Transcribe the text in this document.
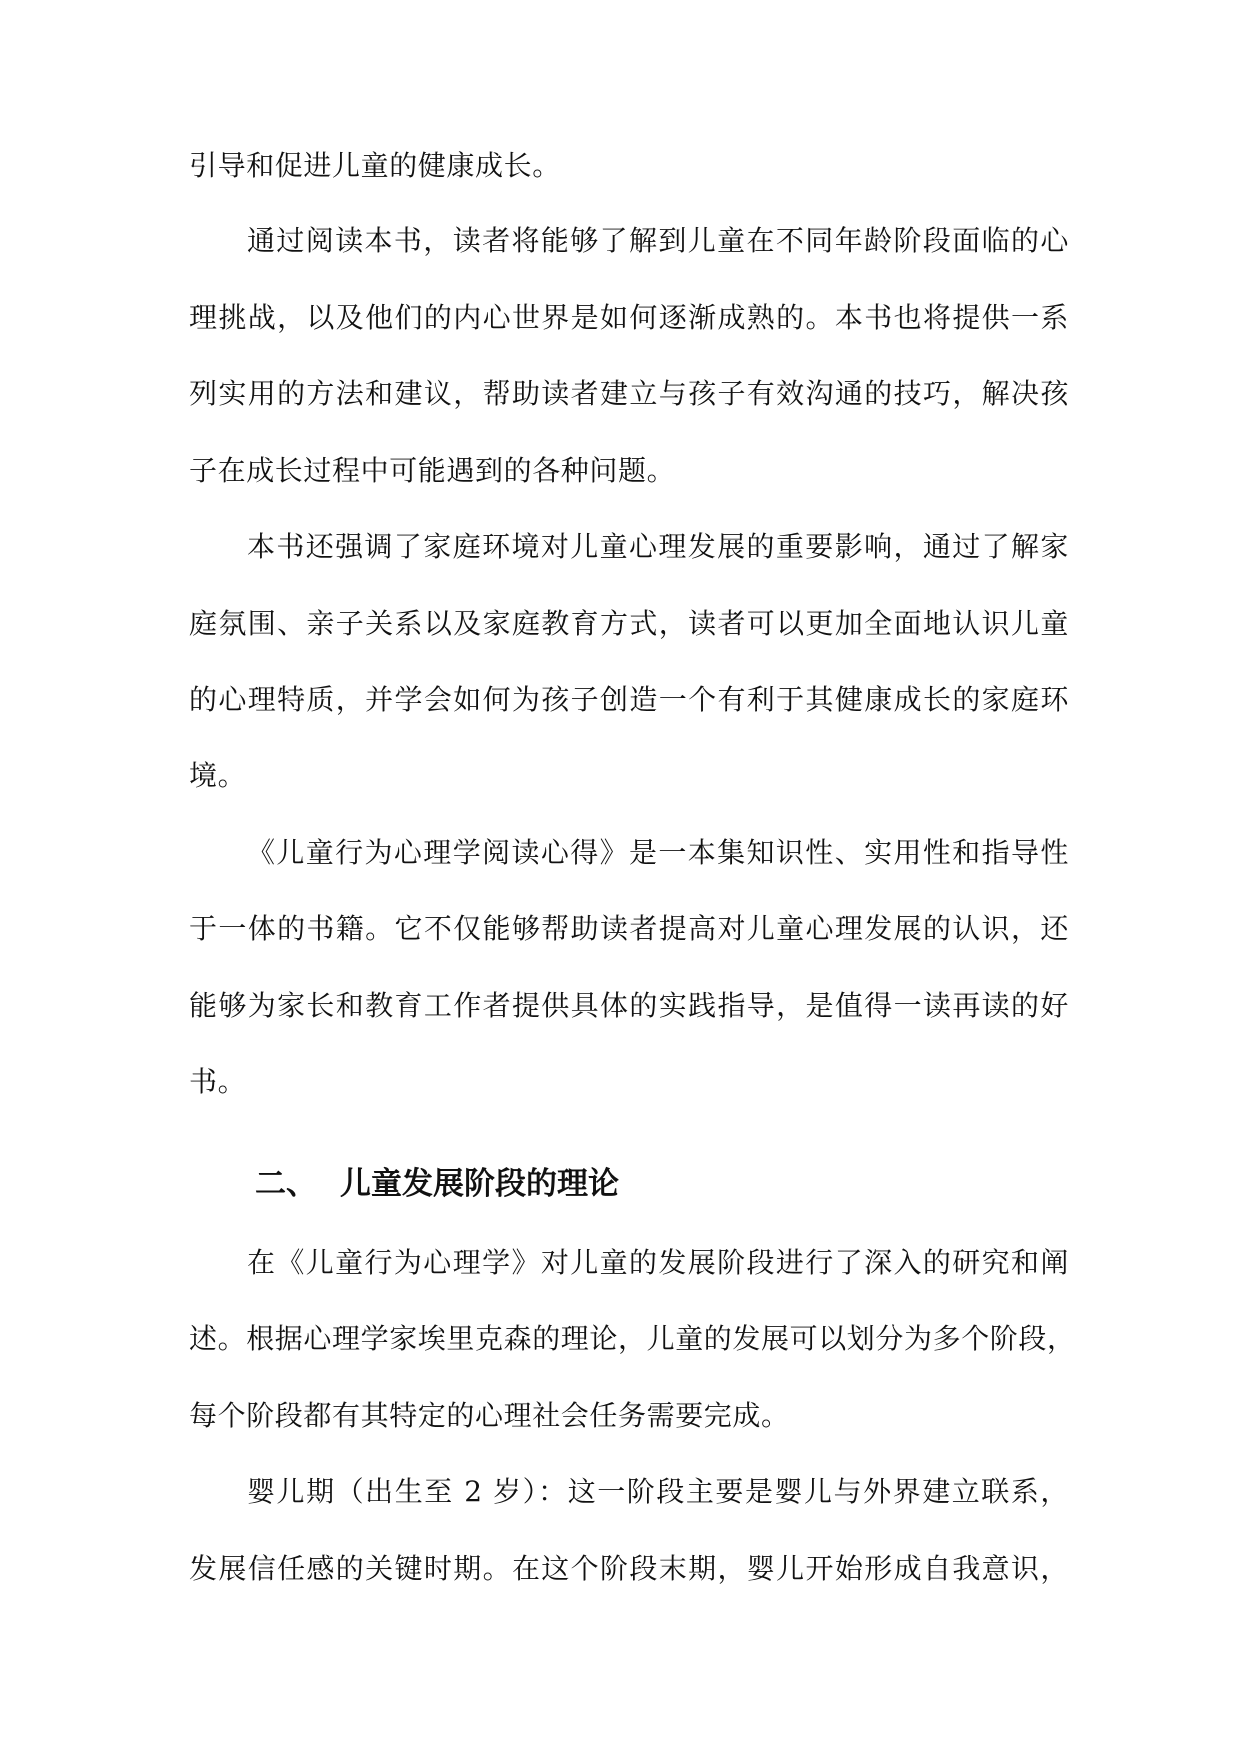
引导和促进儿童的健康成长。
通过阅读本书，读者将能够了解到儿童在不同年龄阶段面临的心
理挑战，以及他们的内心世界是如何逐渐成熟的。本书也将提供一系
列实用的方法和建议，帮助读者建立与孩子有效沟通的技巧，解决孩
子在成长过程中可能遇到的各种问题。
本书还强调了家庭环境对儿童心理发展的重要影响，通过了解家
庭氛围、亲子关系以及家庭教育方式，读者可以更加全面地认识儿童
的心理特质，并学会如何为孩子创造一个有利于其健康成长的家庭环
境。
《儿童行为心理学阅读心得》是一本集知识性、实用性和指导性
于一体的书籍。它不仅能够帮助读者提高对儿童心理发展的认识，还
能够为家长和教育工作者提供具体的实践指导，是值得一读再读的好
书。
二、 儿童发展阶段的理论
在《儿童行为心理学》对儿童的发展阶段进行了深入的研究和阐
述。根据心理学家埃里克森的理论，儿童的发展可以划分为多个阶段，
每个阶段都有其特定的心理社会任务需要完成。
婴儿期（出生至 2 岁）：这一阶段主要是婴儿与外界建立联系，
发展信任感的关键时期。在这个阶段末期，婴儿开始形成自我意识，
